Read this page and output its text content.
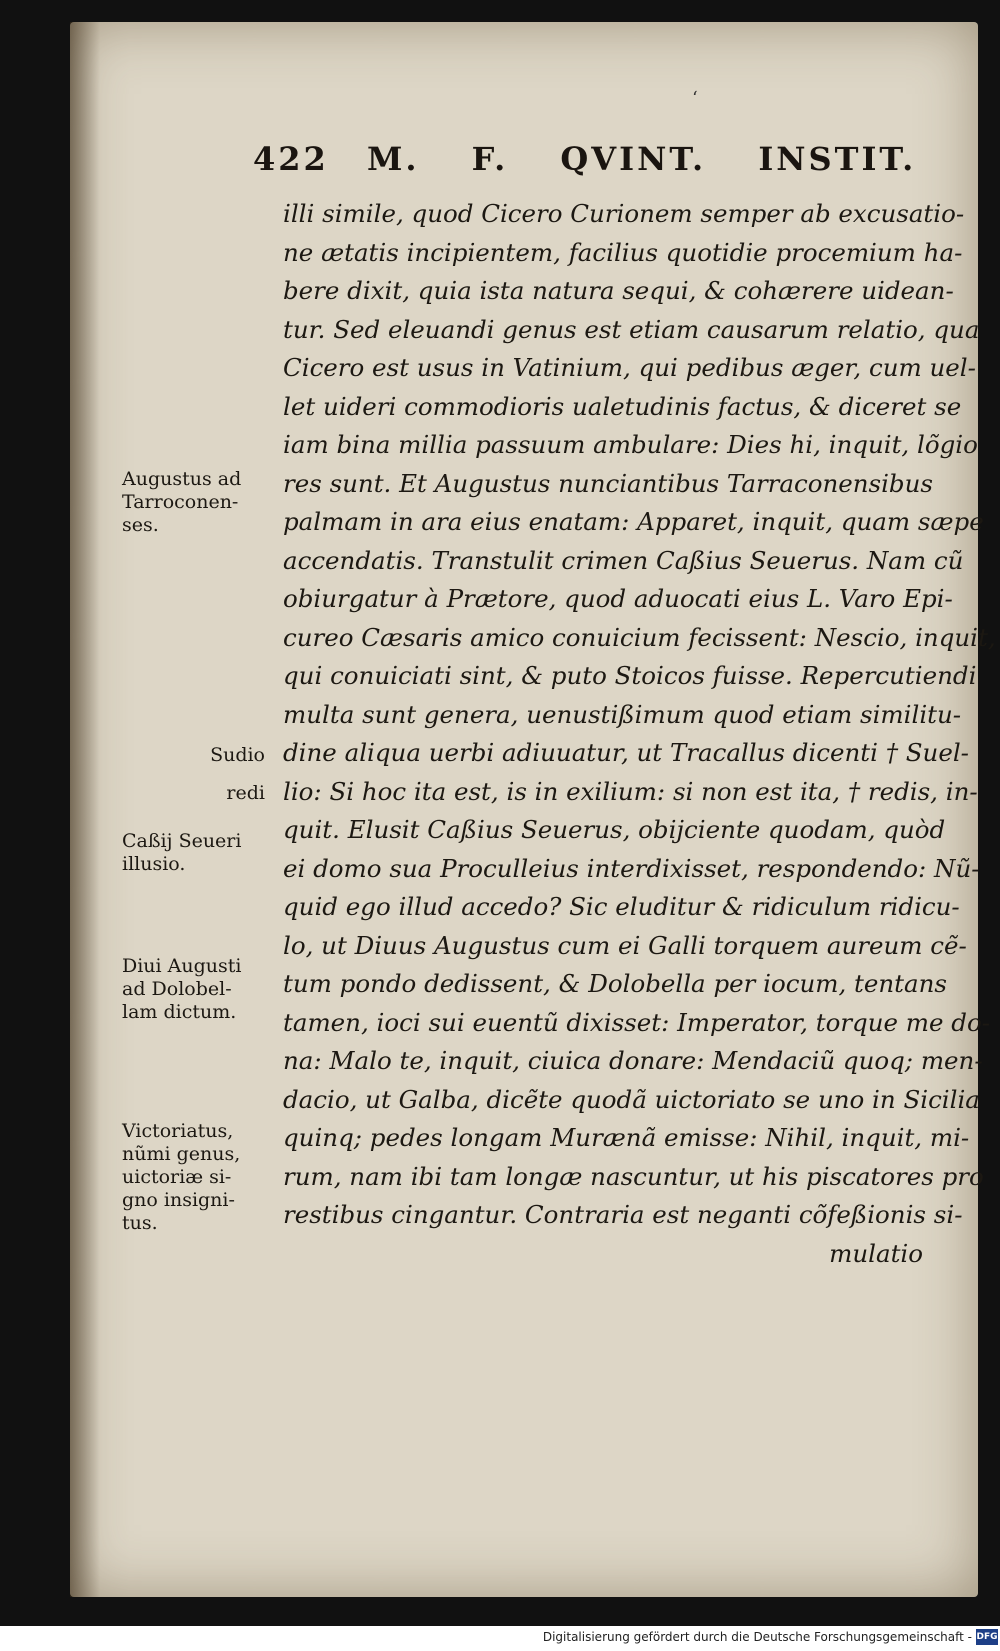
‘
422 M. F. QVINT. INSTIT.
illi simile, quod Cicero Curionem semper ab excusatio-
ne ætatis incipientem, facilius quotidie procemium ha-
bere dixit, quia ista natura sequi, & cohærere uidean-
tur. Sed eleuandi genus est etiam causarum relatio, qua
Cicero est usus in Vatinium, qui pedibus æger, cum uel-
let uideri commodioris ualetudinis factus, & diceret se
iam bina millia passuum ambulare: Dies hi, inquit, lõgio
res sunt. Et Augustus nunciantibus Tarraconensibus
palmam in ara eius enatam: Apparet, inquit, quam sæpe
accendatis. Transtulit crimen Caßius Seuerus. Nam cũ
obiurgatur à Prætore, quod aduocati eius L. Varo Epi-
cureo Cæsaris amico conuicium fecissent: Nescio, inquit,
qui conuiciati sint, & puto Stoicos fuisse. Repercutiendi
multa sunt genera, uenustißimum quod etiam similitu-
dine aliqua uerbi adiuuatur, ut Tracallus dicenti † Suel-
lio: Si hoc ita est, is in exilium: si non est ita, † redis, in-
quit. Elusit Caßius Seuerus, obijciente quodam, quòd
ei domo sua Proculleius interdixisset, respondendo: Nũ-
quid ego illud accedo? Sic eluditur & ridiculum ridicu-
lo, ut Diuus Augustus cum ei Galli torquem aureum cẽ-
tum pondo dedissent, & Dolobella per iocum, tentans
tamen, ioci sui euentũ dixisset: Imperator, torque me do-
na: Malo te, inquit, ciuica donare: Mendaciũ quoq; men-
dacio, ut Galba, dicẽte quodã uictoriato se uno in Sicilia
quinq; pedes longam Murænã emisse: Nihil, inquit, mi-
rum, nam ibi tam longæ nascuntur, ut his piscatores pro
restibus cingantur. Contraria est neganti cõfeßionis si-
mulatio
Augustus ad
Tarroconen-
ses.
Sudio
redi
Caßij Seueri
illusio.
Diui Augusti
ad Dolobel-
lam dictum.
Victoriatus,
nũmi genus,
uictoriæ si-
gno insigni-
tus.
Digitalisierung gefördert durch die Deutsche Forschungsgemeinschaft - DFG
